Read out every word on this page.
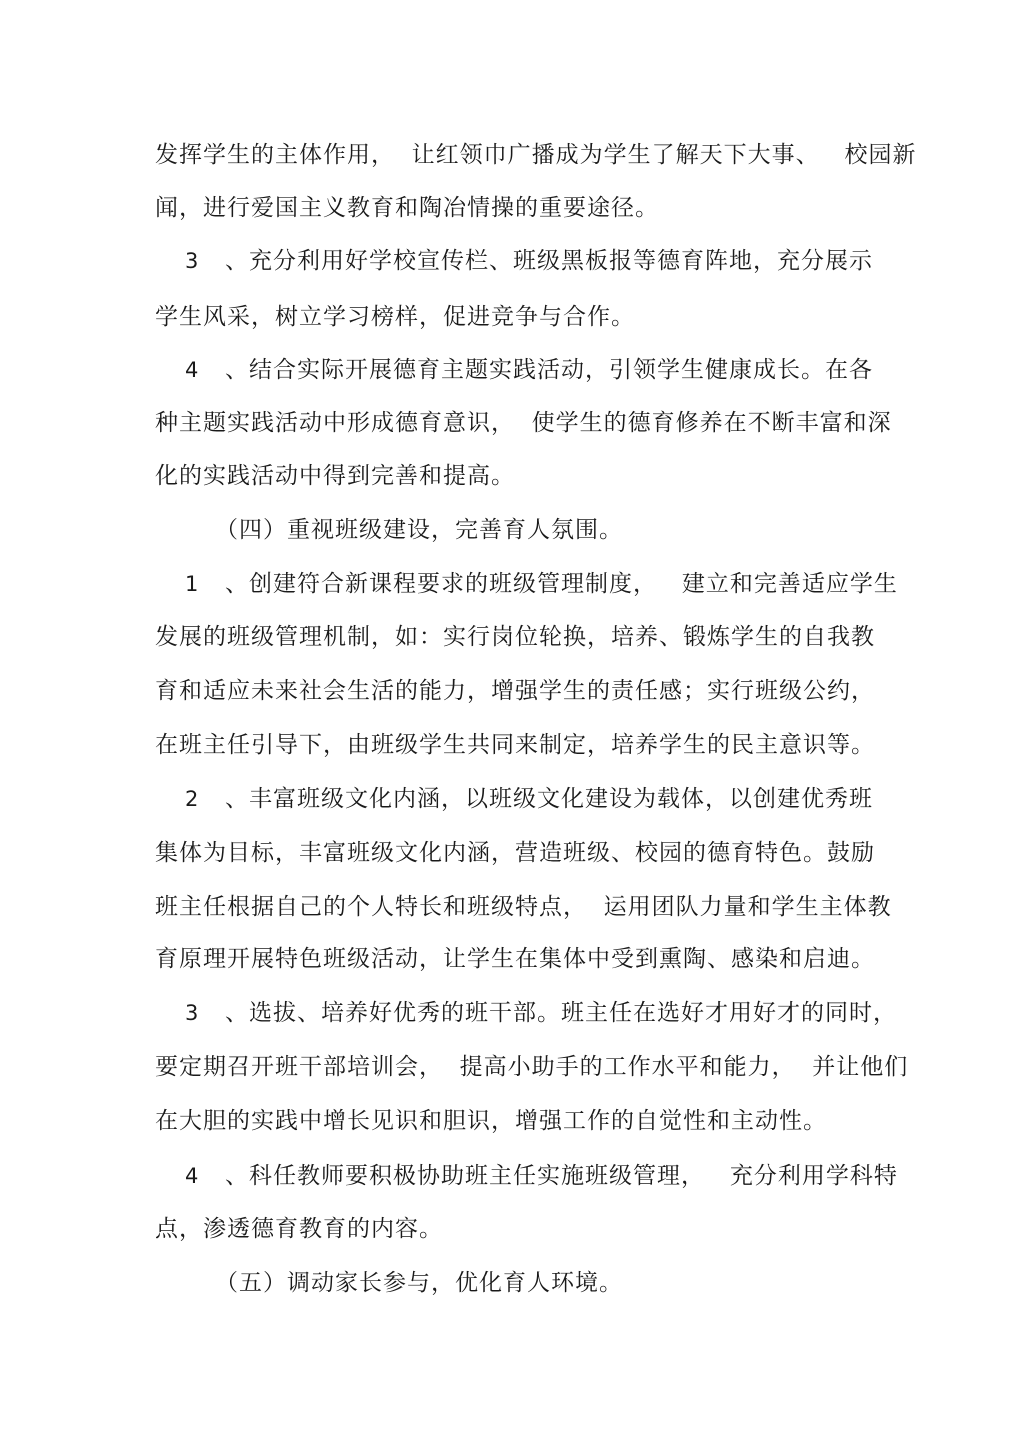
发挥学生的主体作用，  让红领巾广播成为学生了解天下大事、   校园新
闻，进行爱国主义教育和陶冶情操的重要途径。
3 、充分利用好学校宣传栏、班级黑板报等德育阵地，充分展示
学生风采，树立学习榜样，促进竞争与合作。
4 、结合实际开展德育主题实践活动，引领学生健康成长。在各
种主题实践活动中形成德育意识，  使学生的德育修养在不断丰富和深
化的实践活动中得到完善和提高。
（四）重视班级建设，完善育人氛围。
1 、创建符合新课程要求的班级管理制度，   建立和完善适应学生
发展的班级管理机制，如：实行岗位轮换，培养、锻炼学生的自我教
育和适应未来社会生活的能力，增强学生的责任感；实行班级公约，
在班主任引导下，由班级学生共同来制定，培养学生的民主意识等。
2 、丰富班级文化内涵，以班级文化建设为载体，以创建优秀班
集体为目标，丰富班级文化内涵，营造班级、校园的德育特色。鼓励
班主任根据自己的个人特长和班级特点，  运用团队力量和学生主体教
育原理开展特色班级活动，让学生在集体中受到熏陶、感染和启迪。
3 、选拔、培养好优秀的班干部。班主任在选好才用好才的同时，
要定期召开班干部培训会，  提高小助手的工作水平和能力，  并让他们
在大胆的实践中增长见识和胆识，增强工作的自觉性和主动性。
4 、科任教师要积极协助班主任实施班级管理，   充分利用学科特
点，渗透德育教育的内容。
（五）调动家长参与，优化育人环境。
